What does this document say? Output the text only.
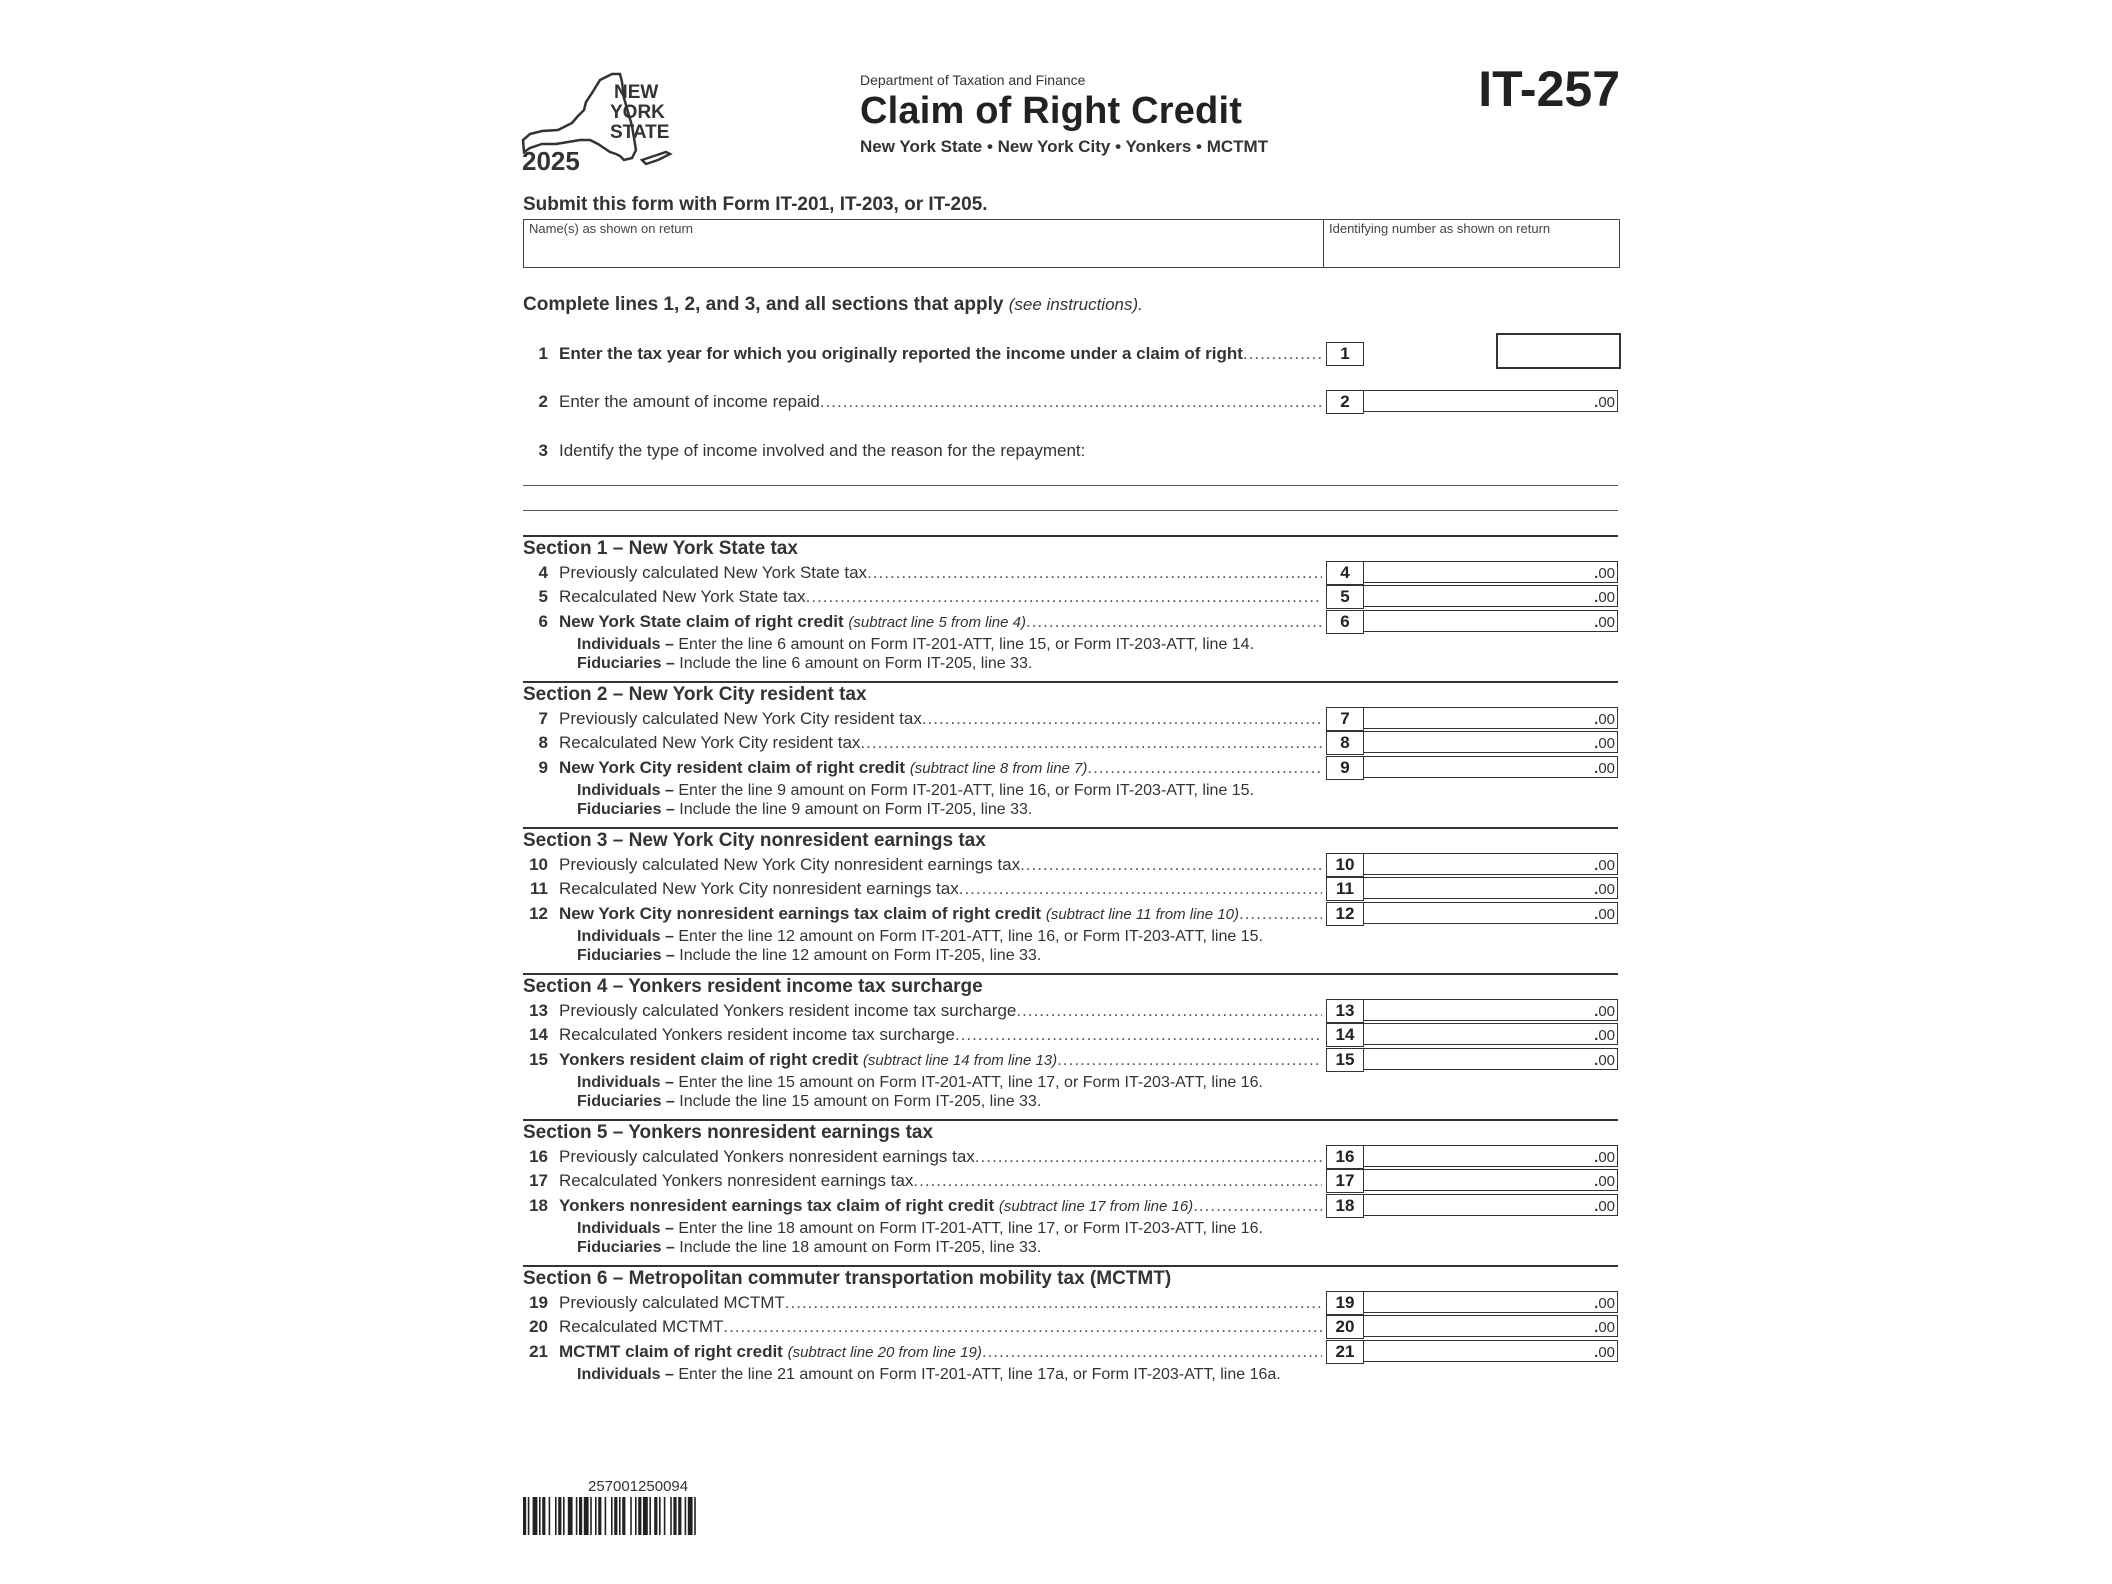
NEW
YORK
STATE
2025
Department of Taxation and Finance
Claim of Right Credit
New York State • New York City • Yonkers • MCTMT
IT-257
Submit this form with Form IT-201, IT-203, or IT-205.
Name(s) as shown on return	Identifying number as shown on return
Complete lines 1, 2, and 3, and all sections that apply (see instructions).
1 Enter the tax year for which you originally reported the income under a claim of right .....	1
2 Enter the amount of income repaid .....	2	.00
3 Identify the type of income involved and the reason for the repayment:
Section 1 – New York State tax
4 Previously calculated New York State tax .....	4	.00
5 Recalculated New York State tax .....	5	.00
6 New York State claim of right credit (subtract line 5 from line 4) .....	6	.00
Individuals – Enter the line 6 amount on Form IT-201-ATT, line 15, or Form IT-203-ATT, line 14.
Fiduciaries – Include the line 6 amount on Form IT-205, line 33.
Section 2 – New York City resident tax
7 Previously calculated New York City resident tax .....	7	.00
8 Recalculated New York City resident tax .....	8	.00
9 New York City resident claim of right credit (subtract line 8 from line 7) .....	9	.00
Individuals – Enter the line 9 amount on Form IT-201-ATT, line 16, or Form IT-203-ATT, line 15.
Fiduciaries – Include the line 9 amount on Form IT-205, line 33.
Section 3 – New York City nonresident earnings tax
10 Previously calculated New York City nonresident earnings tax .....	10	.00
11 Recalculated New York City nonresident earnings tax .....	11	.00
12 New York City nonresident earnings tax claim of right credit (subtract line 11 from line 10) .....	12	.00
Individuals – Enter the line 12 amount on Form IT-201-ATT, line 16, or Form IT-203-ATT, line 15.
Fiduciaries – Include the line 12 amount on Form IT-205, line 33.
Section 4 – Yonkers resident income tax surcharge
13 Previously calculated Yonkers resident income tax surcharge .....	13	.00
14 Recalculated Yonkers resident income tax surcharge .....	14	.00
15 Yonkers resident claim of right credit (subtract line 14 from line 13) .....	15	.00
Individuals – Enter the line 15 amount on Form IT-201-ATT, line 17, or Form IT-203-ATT, line 16.
Fiduciaries – Include the line 15 amount on Form IT-205, line 33.
Section 5 – Yonkers nonresident earnings tax
16 Previously calculated Yonkers nonresident earnings tax .....	16	.00
17 Recalculated Yonkers nonresident earnings tax .....	17	.00
18 Yonkers nonresident earnings tax claim of right credit (subtract line 17 from line 16) .....	18	.00
Individuals – Enter the line 18 amount on Form IT-201-ATT, line 17, or Form IT-203-ATT, line 16.
Fiduciaries – Include the line 18 amount on Form IT-205, line 33.
Section 6 – Metropolitan commuter transportation mobility tax (MCTMT)
19 Previously calculated MCTMT .....	19	.00
20 Recalculated MCTMT .....	20	.00
21 MCTMT claim of right credit (subtract line 20 from line 19) .....	21	.00
Individuals – Enter the line 21 amount on Form IT-201-ATT, line 17a, or Form IT-203-ATT, line 16a.
257001250094
